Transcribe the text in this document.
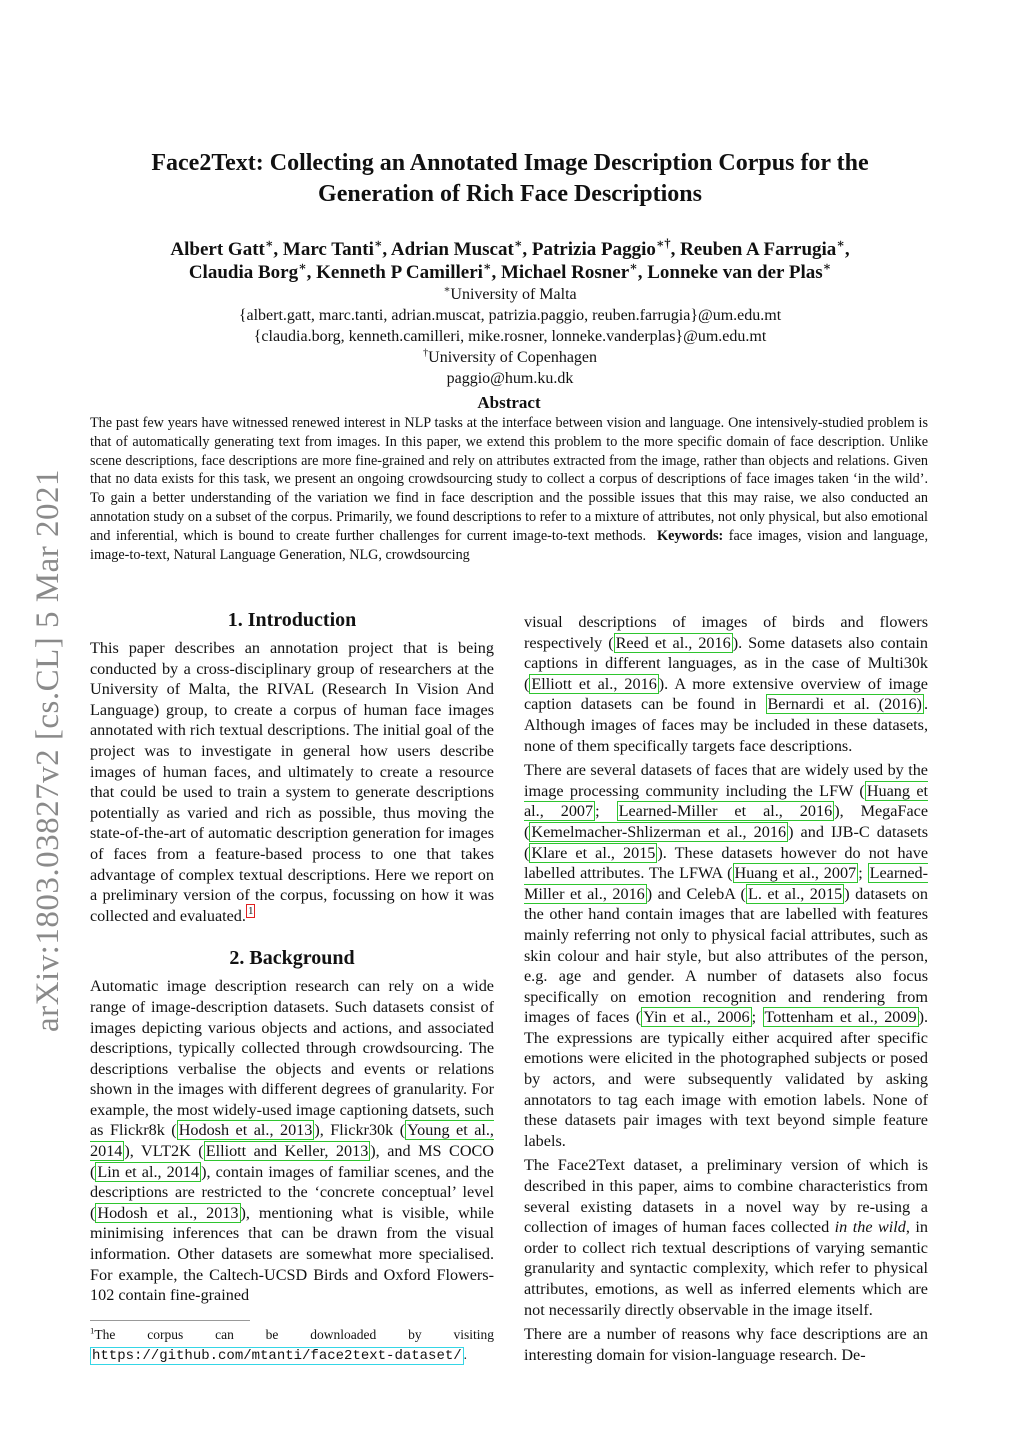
arXiv:1803.03827v2 [cs.CL] 5 Mar 2021
Face2Text: Collecting an Annotated Image Description Corpus for the
Generation of Rich Face Descriptions
Albert Gatt∗, Marc Tanti∗, Adrian Muscat∗, Patrizia Paggio∗†, Reuben A Farrugia∗,
Claudia Borg∗, Kenneth P Camilleri∗, Michael Rosner∗, Lonneke van der Plas∗
∗University of Malta
{albert.gatt, marc.tanti, adrian.muscat, patrizia.paggio, reuben.farrugia}@um.edu.mt
{claudia.borg, kenneth.camilleri, mike.rosner, lonneke.vanderplas}@um.edu.mt
†University of Copenhagen
paggio@hum.ku.dk
Abstract
The past few years have witnessed renewed interest in NLP tasks at the interface between vision and language. One intensively-studied problem is that of automatically generating text from images. In this paper, we extend this problem to the more specific domain of face description. Unlike scene descriptions, face descriptions are more fine-grained and rely on attributes extracted from the image, rather than objects and relations. Given that no data exists for this task, we present an ongoing crowdsourcing study to collect a corpus of descriptions of face images taken ‘in the wild’. To gain a better understanding of the variation we find in face description and the possible issues that this may raise, we also conducted an annotation study on a subset of the corpus. Primarily, we found descriptions to refer to a mixture of attributes, not only physical, but also emotional and inferential, which is bound to create further challenges for current image-to-text methods. Keywords: face images, vision and language, image-to-text, Natural Language Generation, NLG, crowdsourcing
1. Introduction

This paper describes an annotation project that is being conducted by a cross-disciplinary group of researchers at the University of Malta, the RIVAL (Research In Vision And Language) group, to create a corpus of human face images annotated with rich textual descriptions. The initial goal of the project was to investigate in general how users describe images of human faces, and ultimately to create a resource that could be used to train a system to generate descriptions potentially as varied and rich as possible, thus moving the state-of-the-art of automatic description generation for images of faces from a feature-based process to one that takes advantage of complex textual descriptions. Here we report on a preliminary version of the corpus, focussing on how it was collected and evaluated. $^1$

2. Background

Automatic image description research can rely on a wide range of image-description datasets. Such datasets consist of images depicting various objects and actions, and associated descriptions, typically collected through crowdsourcing. The descriptions verbalise the objects and events or relations shown in the images with different degrees of granularity. For example, the most widely-used image captioning datsets, such as Flickr8k ( Hodosh et al., 2013 ), Flickr30k ( Young et al., 2014 ), VLT2K ( Elliott and Keller, 2013 ), and MS COCO ( Lin et al., 2014 ), contain images of familiar scenes, and the descriptions are restricted to the ‘concrete conceptual’ level ( Hodosh et al., 2013 ), mentioning what is visible, while minimising inferences that can be drawn from the visual information. Other datasets are somewhat more specialised. For example, the Caltech-UCSD Birds and Oxford Flowers-102 contain fine-grained

$^1$The corpus can be downloaded by visiting https://github.com/mtanti/face2text-dataset/ .

visual descriptions of images of birds and flowers respectively ( Reed et al., 2016 ). Some datasets also contain captions in different languages, as in the case of Multi30k ( Elliott et al., 2016 ). A more extensive overview of image caption datasets can be found in Bernardi et al. (2016) . Although images of faces may be included in these datasets, none of them specifically targets face descriptions.

There are several datasets of faces that are widely used by the image processing community including the LFW ( Huang et al., 2007 ; Learned-Miller et al., 2016 ), MegaFace ( Kemelmacher-Shlizerman et al., 2016 ) and IJB-C datasets ( Klare et al., 2015 ). These datasets however do not have labelled attributes. The LFWA ( Huang et al., 2007 ; Learned-Miller et al., 2016 ) and CelebA ( L. et al., 2015 ) datasets on the other hand contain images that are labelled with features mainly referring not only to physical facial attributes, such as skin colour and hair style, but also attributes of the person, e.g. age and gender. A number of datasets also focus specifically on emotion recognition and rendering from images of faces ( Yin et al., 2006 ; Tottenham et al., 2009 ). The expressions are typically either acquired after specific emotions were elicited in the photographed subjects or posed by actors, and were subsequently validated by asking annotators to tag each image with emotion labels. None of these datasets pair images with text beyond simple feature labels.

The Face2Text dataset, a preliminary version of which is described in this paper, aims to combine characteristics from several existing datasets in a novel way by re-using a collection of images of human faces collected in the wild, in order to collect rich textual descriptions of varying semantic granularity and syntactic complexity, which refer to physical attributes, emotions, as well as inferred elements which are not necessarily directly observable in the image itself.

There are a number of reasons why face descriptions are an interesting domain for vision-language research. De-
